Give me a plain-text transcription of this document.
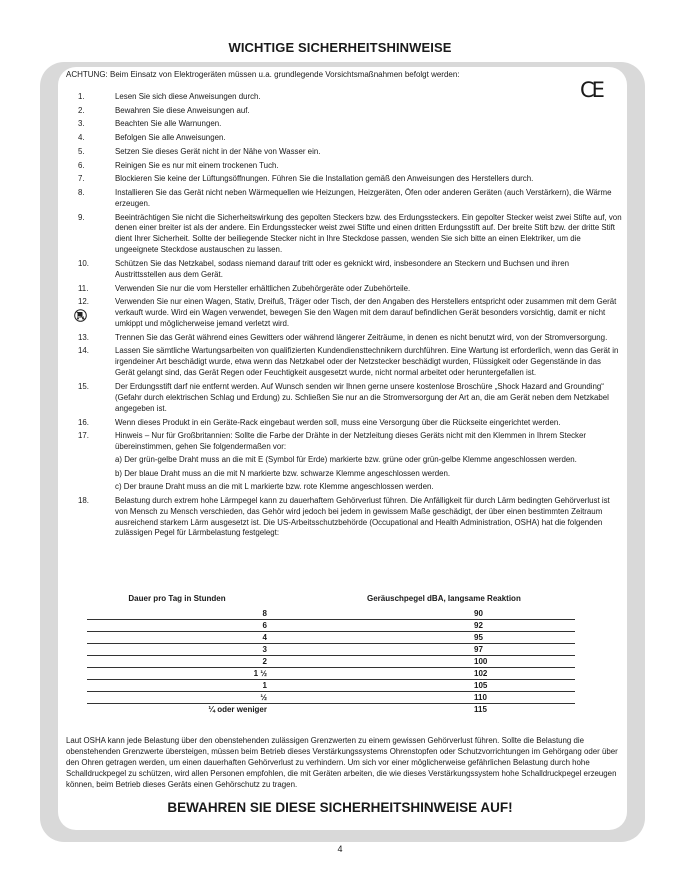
WICHTIGE SICHERHEITSHINWEISE
ACHTUNG: Beim Einsatz von Elektrogeräten müssen u.a. grundlegende Vorsichtsmaßnahmen befolgt werden:
CE
1.	Lesen Sie sich diese Anweisungen durch.
2.	Bewahren Sie diese Anweisungen auf.
3.	Beachten Sie alle Warnungen.
4.	Befolgen Sie alle Anweisungen.
5.	Setzen Sie dieses Gerät nicht in der Nähe von Wasser ein.
6.	Reinigen Sie es nur mit einem trockenen Tuch.
7.	Blockieren Sie keine der Lüftungsöffnungen. Führen Sie die Installation gemäß den Anweisungen des Herstellers durch.
8.	Installieren Sie das Gerät nicht neben Wärmequellen wie Heizungen, Heizgeräten, Öfen oder anderen Geräten (auch Verstärkern), die Wärme erzeugen.
9.	Beeinträchtigen Sie nicht die Sicherheitswirkung des gepolten Steckers bzw. des Erdungssteckers. Ein gepolter Stecker weist zwei Stifte auf, von denen einer breiter ist als der andere. Ein Erdungsstecker weist zwei Stifte und einen dritten Erdungsstift auf. Der breite Stift bzw. der dritte Stift dient Ihrer Sicherheit. Sollte der beiliegende Stecker nicht in Ihre Steckdose passen, wenden Sie sich bitte an einen Elektriker, um die ungeeignete Steckdose austauschen zu lassen.
10.	Schützen Sie das Netzkabel, sodass niemand darauf tritt oder es geknickt wird, insbesondere an Steckern und Buchsen und ihren Austrittsstellen aus dem Gerät.
11.	Verwenden Sie nur die vom Hersteller erhältlichen Zubehörgeräte oder Zubehörteile.
12.	Verwenden Sie nur einen Wagen, Stativ, Dreifuß, Träger oder Tisch, der den Angaben des Herstellers entspricht oder zusammen mit dem Gerät verkauft wurde. Wird ein Wagen verwendet, bewegen Sie den Wagen mit dem darauf befindlichen Gerät besonders vorsichtig, damit er nicht umkippt und möglicherweise jemand verletzt wird.
13.	Trennen Sie das Gerät während eines Gewitters oder während längerer Zeiträume, in denen es nicht benutzt wird, von der Stromversorgung.
14.	Lassen Sie sämtliche Wartungsarbeiten von qualifizierten Kundendiensttechnikern durchführen. Eine Wartung ist erforderlich, wenn das Gerät in irgendeiner Art beschädigt wurde, etwa wenn das Netzkabel oder der Netzstecker beschädigt wurden, Flüssigkeit oder Gegenstände in das Gerät gelangt sind, das Gerät Regen oder Feuchtigkeit ausgesetzt wurde, nicht normal arbeitet oder heruntergefallen ist.
15.	Der Erdungsstift darf nie entfernt werden. Auf Wunsch senden wir Ihnen gerne unsere kostenlose Broschüre „Shock Hazard and Grounding“ (Gefahr durch elektrischen Schlag und Erdung) zu. Schließen Sie nur an die Stromversorgung der Art an, die am Gerät neben dem Netzkabel angegeben ist.
16.	Wenn dieses Produkt in ein Geräte-Rack eingebaut werden soll, muss eine Versorgung über die Rückseite eingerichtet werden.
17.	Hinweis – Nur für Großbritannien: Sollte die Farbe der Drähte in der Netzleitung dieses Geräts nicht mit den Klemmen in Ihrem Stecker übereinstimmen, gehen Sie folgendermaßen vor:
a) Der grün-gelbe Draht muss an die mit E (Symbol für Erde) markierte bzw. grüne oder grün-gelbe Klemme angeschlossen werden.
b) Der blaue Draht muss an die mit N markierte bzw. schwarze Klemme angeschlossen werden.
c) Der braune Draht muss an die mit L markierte bzw. rote Klemme angeschlossen werden.
18.	Belastung durch extrem hohe Lärmpegel kann zu dauerhaftem Gehörverlust führen. Die Anfälligkeit für durch Lärm bedingten Gehörverlust ist von Mensch zu Mensch verschieden, das Gehör wird jedoch bei jedem in gewissem Maße geschädigt, der über einen bestimmten Zeitraum ausreichend starkem Lärm ausgesetzt ist. Die US-Arbeitsschutzbehörde (Occupational and Health Administration, OSHA) hat die folgenden zulässigen Pegel für Lärmbelastung festgelegt:
Dauer pro Tag in Stunden	Geräuschpegel dBA, langsame Reaktion
8	90
6	92
4	95
3	97
2	100
1 ½	102
1	105
½	110
¼ oder weniger	115
Laut OSHA kann jede Belastung über den obenstehenden zulässigen Grenzwerten zu einem gewissen Gehörverlust führen. Sollte die Belastung die obenstehenden Grenzwerte übersteigen, müssen beim Betrieb dieses Verstärkungssystems Ohrenstopfen oder Schutzvorrichtungen im Gehörgang oder über den Ohren getragen werden, um einen dauerhaften Gehörverlust zu verhindern. Um sich vor einer möglicherweise gefährlichen Belastung durch hohe Schalldruckpegel zu schützen, wird allen Personen empfohlen, die mit Geräten arbeiten, die wie dieses Verstärkungssystem hohe Schalldruckpegel erzeugen können, beim Betrieb dieses Geräts einen Gehörschutz zu tragen.
BEWAHREN SIE DIESE SICHERHEITSHINWEISE AUF!
4
